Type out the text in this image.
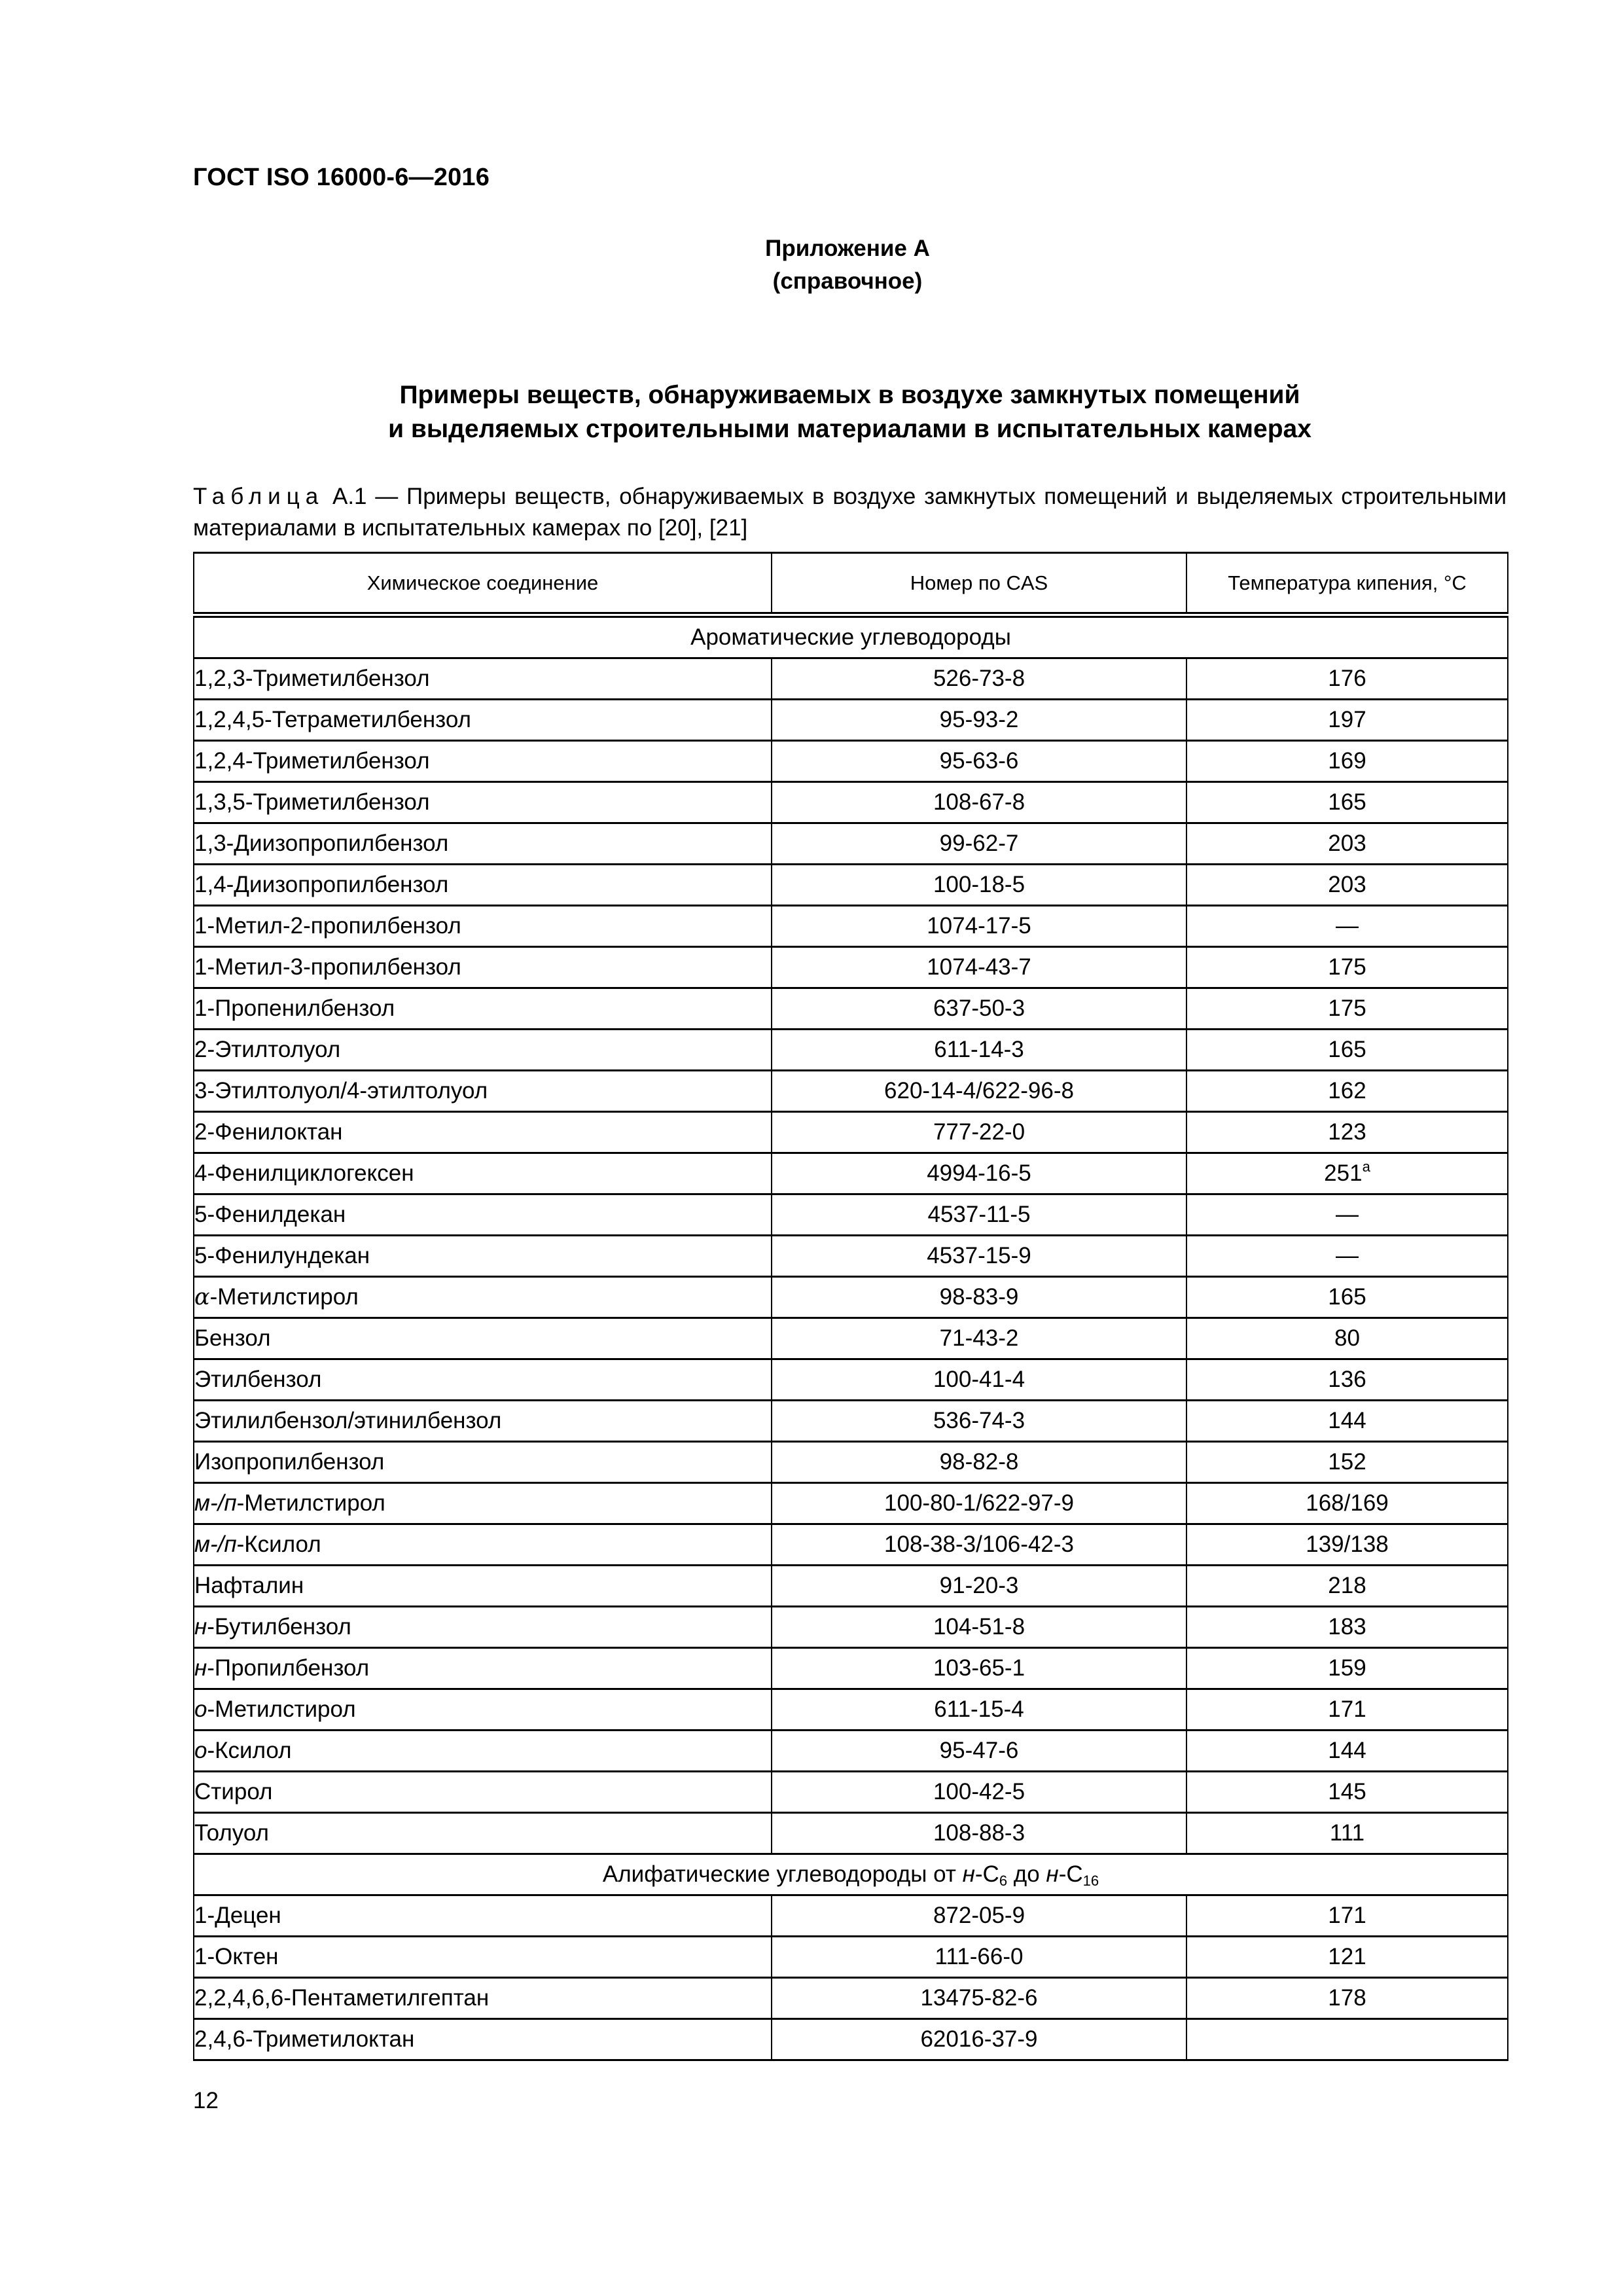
ГОСТ ISO 16000-6—2016
Приложение А
(справочное)
Примеры веществ, обнаруживаемых в воздухе замкнутых помещений
и выделяемых строительными материалами в испытательных камерах
Таблица А.1 — Примеры веществ, обнаруживаемых в воздухе замкнутых помещений и выделяемых строительными материалами в испытательных камерах по [20], [21]
Химическое соединение	Номер по CAS	Температура кипения, °С
Ароматические углеводороды		
1,2,3-Триметилбензол	526-73-8	176
1,2,4,5-Тетраметилбензол	95-93-2	197
1,2,4-Триметилбензол	95-63-6	169
1,3,5-Триметилбензол	108-67-8	165
1,3-Диизопропилбензол	99-62-7	203
1,4-Диизопропилбензол	100-18-5	203
1-Метил-2-пропилбензол	1074-17-5	—
1-Метил-3-пропилбензол	1074-43-7	175
1-Пропенилбензол	637-50-3	175
2-Этилтолуол	611-14-3	165
3-Этилтолуол/4-этилтолуол	620-14-4/622-96-8	162
2-Фенилоктан	777-22-0	123
4-Фенилциклогексен	4994-16-5	251$^a$
5-Фенилдекан	4537-11-5	—
5-Фенилундекан	4537-15-9	—
α-Метилстирол	98-83-9	165
Бензол	71-43-2	80
Этилбензол	100-41-4	136
Этилилбензол/этинилбензол	536-74-3	144
Изопропилбензол	98-82-8	152
м-/п-Метилстирол	100-80-1/622-97-9	168/169
м-/п-Ксилол	108-38-3/106-42-3	139/138
Нафталин	91-20-3	218
н-Бутилбензол	104-51-8	183
н-Пропилбензол	103-65-1	159
о-Метилстирол	611-15-4	171
о-Ксилол	95-47-6	144
Стирол	100-42-5	145
Толуол	108-88-3	111
Алифатические углеводороды от $н-С_6$ до $н-С_{16}$
1-Децен	872-05-9	171
1-Октен	111-66-0	121
2,2,4,6,6-Пентаметилгептан	13475-82-6	178
2,4,6-Триметилоктан	62016-37-9	
12
